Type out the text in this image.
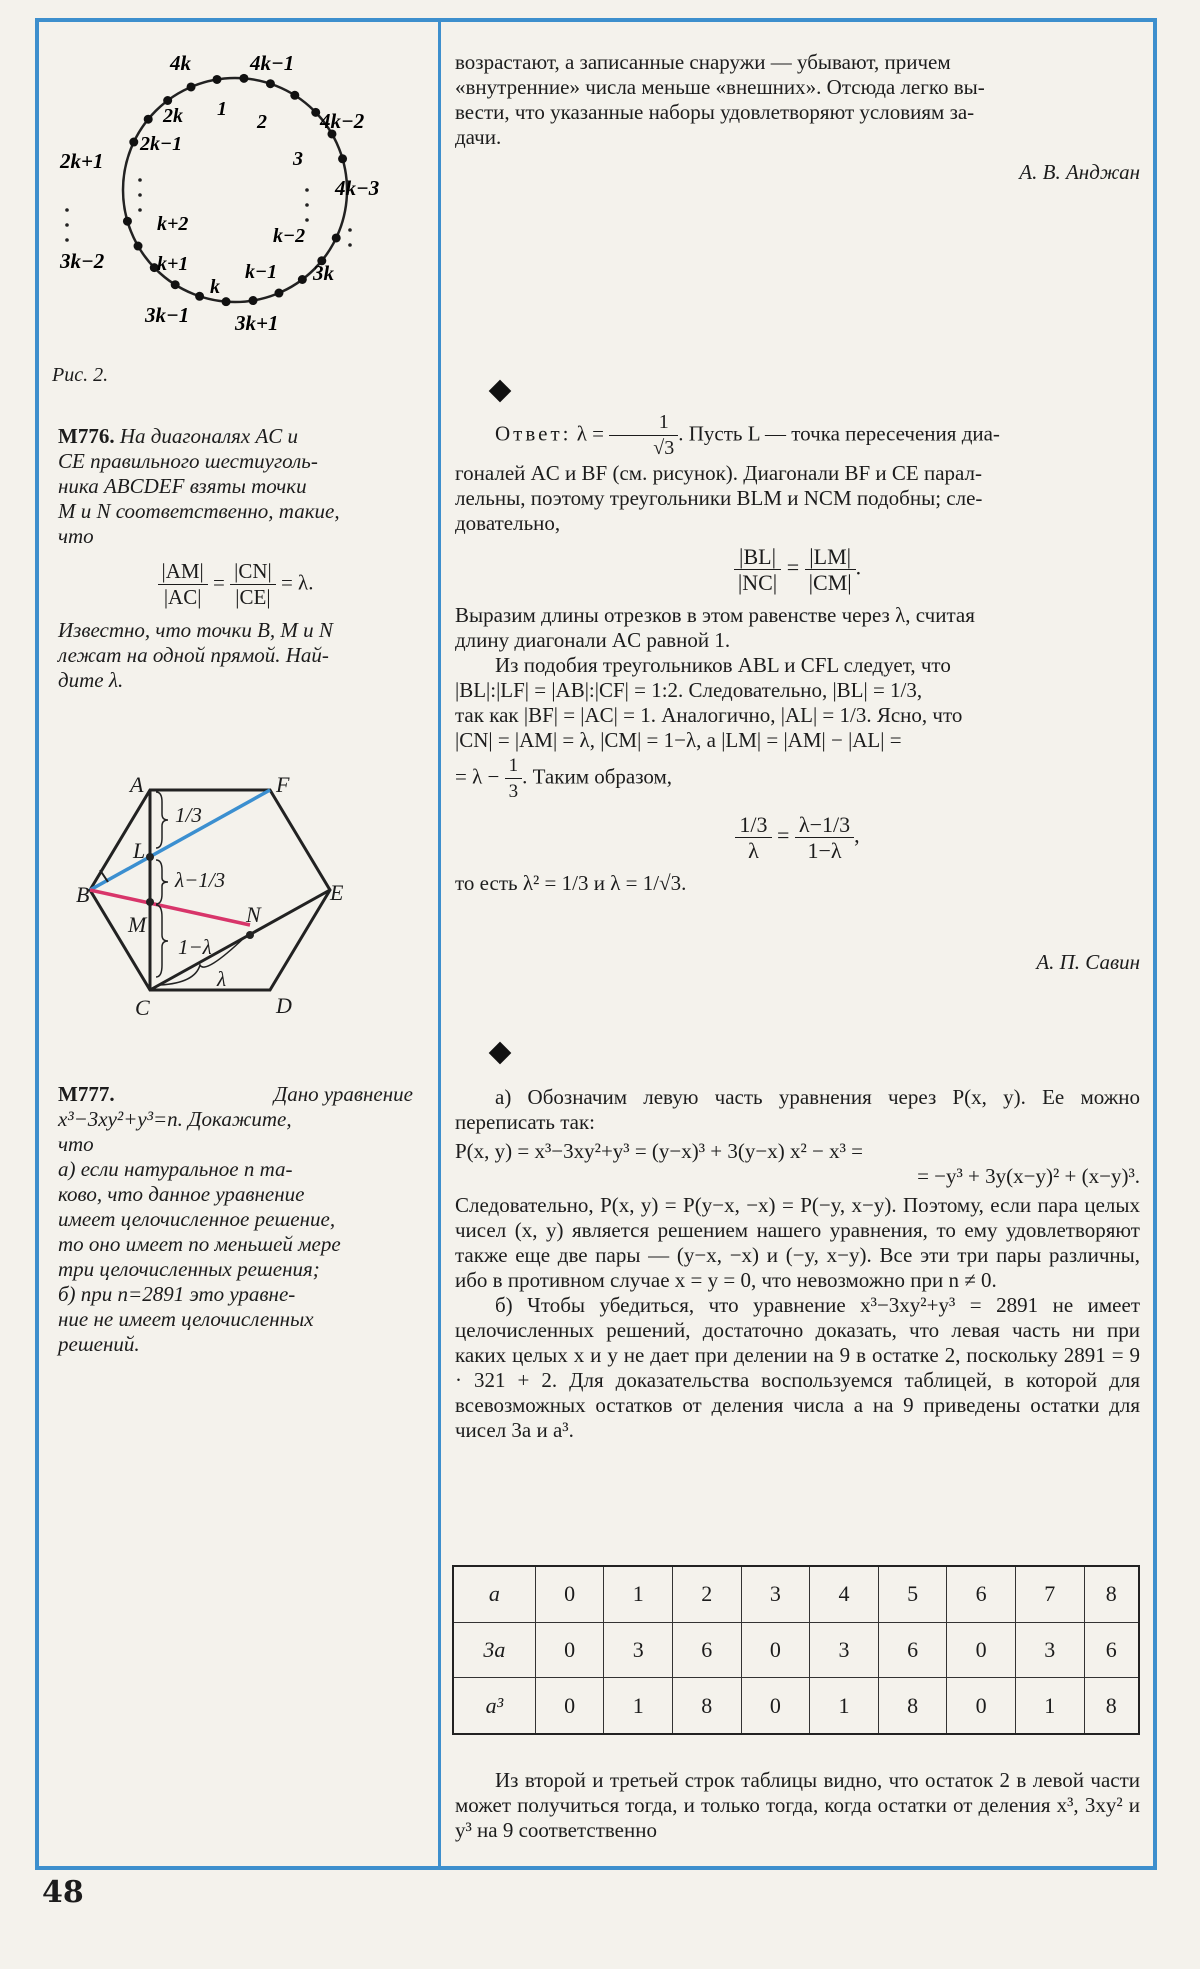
4k	4k−1
4k−2
4k−3
3k
3k+1
3k−1
3k−2
2k+1
1
2
3
k−2
k−1
k
k+1
k+2
2k−1
2k
Рис. 2.
М776. На диагоналях AC и
CE правильного шестиуголь-
ника ABCDEF взяты точки
M и N соответственно, такие,
что
$\frac{|AM|}{|AC|} = \frac{|CN|}{|CE|} = \lambda$.
Известно, что точки B, M и N
лежат на одной прямой. Най-
дите λ.
A	F
E
D
C
B
L
M	N
1/3
λ−1/3
1−λ
λ
М777.	Дано уравнение
x³−3xy²+y³=n. Докажите,
что
а) если натуральное n та-
ково, что данное уравнение
имеет целочисленное решение,
то оно имеет по меньшей мере
три целочисленных решения;
б) при n=2891 это уравне-
ние не имеет целочисленных
решений.

возрастают, а записанные снаружи — убывают, причем

«внутренние» числа меньше «внешних». Отсюда легко вы-

вести, что указанные наборы удовлетворяют условиям за-

дачи.

А. В. Анджан

Ответ: $\lambda = \frac{1}{√3}$ . Пусть L — точка пересечения диа-

гоналей AC и BF (см. рисунок). Диагонали BF и CE парал-

лельны, поэтому треугольники BLM и NCM подобны; сле-

довательно,

$\frac{|BL|}{|NC|} = \frac{|LM|}{|CM|}$ .

Выразим длины отрезков в этом равенстве через λ, считая

длину диагонали AC равной 1.

Из подобия треугольников ABL и CFL следует, что

|BL|:|LF| = |AB|:|CF| = 1:2. Следовательно, |BL| = 1/3,

так как |BF| = |AC| = 1. Аналогично, |AL| = 1/3. Ясно, что

|CN| = |AM| = λ, |CM| = 1−λ, а |LM| = |AM| − |AL| =

= $\lambda - \frac{1}{3}$ . Таким образом,

$\frac{1/3}{\lambda} = \frac{\lambda-1/3}{1-\lambda}$ ,

то есть λ² = 1/3 и λ = 1/√3.

А. П. Савин

а) Обозначим левую часть уравнения через P(x, y). Ее можно переписать так:

P(x, y) = x³−3xy²+y³ = (y−x)³ + 3(y−x) x² − x³ =

= −y³ + 3y(x−y)² + (x−y)³.

Следовательно, P(x, y) = P(y−x, −x) = P(−y, x−y). Поэтому, если пара целых чисел (x, y) является решением нашего уравнения, то ему удовлетворяют также еще две пары — (y−x, −x) и (−y, x−y). Все эти три пары различны, ибо в противном случае x = y = 0, что невозможно при n ≠ 0.

б) Чтобы убедиться, что уравнение x³−3xy²+y³ = 2891 не имеет целочисленных решений, достаточно доказать, что левая часть ни при каких целых x и y не дает при делении на 9 в остатке 2, поскольку 2891 = 9 · 321 + 2. Для доказательства воспользуемся таблицей, в которой для всевозможных остатков от деления числа a на 9 приведены остатки для чисел 3a и a³.

a	0	1	2	3	4	5	6	7	8
3a	0	3	6	0	3	6	0	3	6
a³	0	1	8	0	1	8	0	1	8

Из второй и третьей строк таблицы видно, что остаток 2 в левой части может получиться тогда, и только тогда, когда остатки от деления x³, 3xy² и y³ на 9 соответственно

48
